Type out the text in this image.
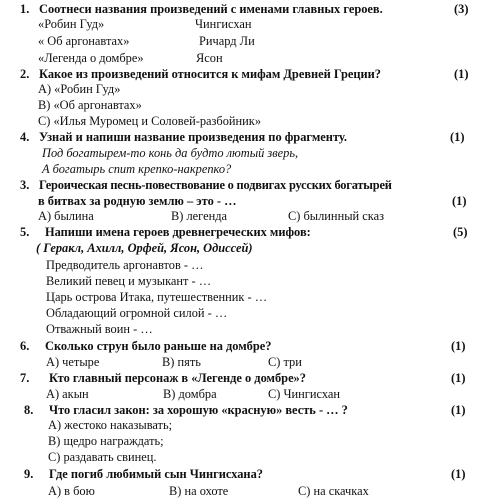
1. Соотнеси названия произведений с именами главных героев.	(3)
«Робин Гуд»	Чингисхан
« Об аргонавтах»	Ричард Ли
«Легенда о домбре»	Ясон
2. Какое из произведений относится к мифам Древней Греции?	(1)
А) «Робин Гуд»
В) «Об аргонавтах»
С) «Илья Муромец и Соловей-разбойник»
4. Узнай и напиши название произведения по фрагменту.	(1)
Под богатырем-то конь да будто лютый зверь,
А богатырь спит крепко-накрепко?
3. Героическая песнь-повествование о подвигах русских богатырей
в битвах за родную землю – это - …	(1)
А) былина	В) легенда	С) былинный сказ
5. Напиши имена героев древнегреческих мифов:	(5)
( Геракл, Ахилл, Орфей, Ясон, Одиссей)
Предводитель аргонавтов - …
Великий певец и музыкант - …
Царь острова Итака, путешественник - …
Обладающий огромной силой - …
Отважный воин - …
6. Сколько струн было раньше на домбре?	(1)
А) четыре	В) пять	С) три
7. Кто главный персонаж в «Легенде о домбре»?	(1)
А) акын	В) домбра	С) Чингисхан
8. Что гласил закон: за хорошую «красную» весть - … ?	(1)
А) жестоко наказывать;
В) щедро награждать;
С) раздавать свинец.
9. Где погиб любимый сын Чингисхана?	(1)
А) в бою	В) на охоте	С) на скачках
